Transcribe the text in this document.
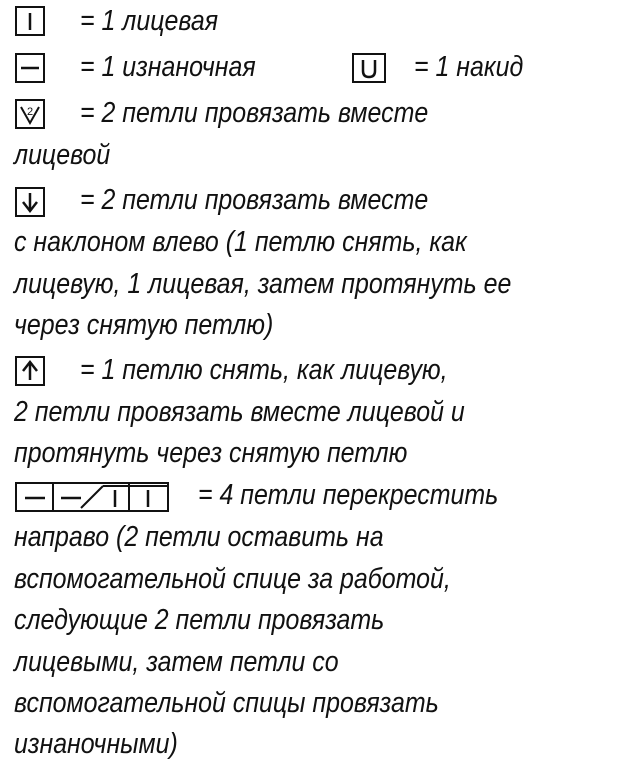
= 1 лицевая
= 1 изнаночная	= 1 накид
2 = 2 петли провязать вместе
лицевой
= 2 петли провязать вместе
с наклоном влево (1 петлю снять, как
лицевую, 1 лицевая, затем протянуть ее
через снятую петлю)
= 1 петлю снять, как лицевую,
2 петли провязать вместе лицевой и
протянуть через снятую петлю
= 4 петли перекрестить
направо (2 петли оставить на
вспомогательной спице за работой,
следующие 2 петли провязать
лицевыми, затем петли со
вспомогательной спицы провязать
изнаночными)
